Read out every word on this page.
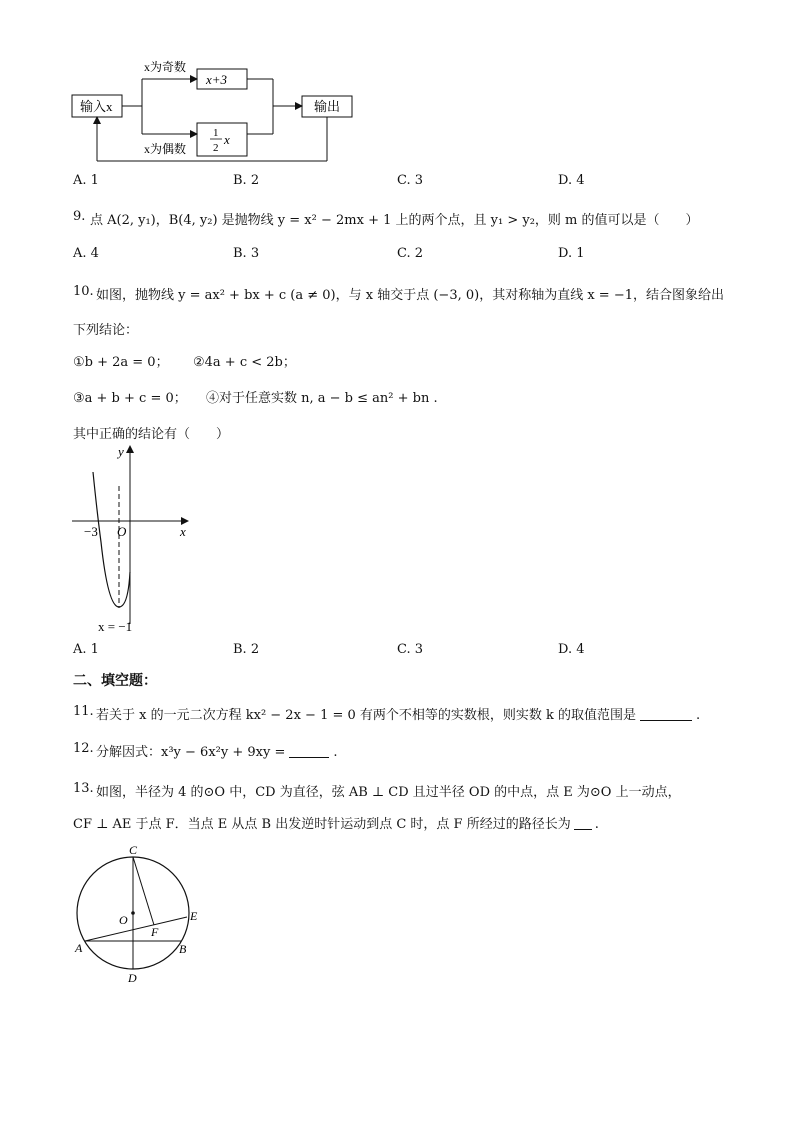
输入x
x为奇数
x为偶数
x+3
1
2
x
输出
A. 1	B. 2	C. 3	D. 4
9. 点 A(2, y₁)，B(4, y₂) 是抛物线 y = x² − 2mx + 1 上的两个点，且 y₁ > y₂，则 m 的值可以是（　　）
A. 4	B. 3	C. 2	D. 1
10. 如图，抛物线 y = ax² + bx + c (a ≠ 0)，与 x 轴交于点 (−3, 0)，其对称轴为直线 x = −1，结合图象给出
下列结论：
①b + 2a = 0； ②4a + c < 2b；
③a + b + c = 0； ④对于任意实数 n, a − b ≤ an² + bn .
其中正确的结论有（　　）
y
x
O
−3
x = −1
A. 1	B. 2	C. 3	D. 4
二、填空题：
11. 若关于 x 的一元二次方程 kx² − 2x − 1 = 0 有两个不相等的实数根，则实数 k 的取值范围是	.
12. 分解因式：x³y − 6x²y + 9xy =	.
13. 如图，半径为 4 的⊙O 中，CD 为直径，弦 AB ⊥ CD 且过半径 OD 的中点，点 E 为⊙O 上一动点，
CF ⊥ AE 于点 F．当点 E 从点 B 出发逆时针运动到点 C 时，点 F 所经过的路径长为 .
C
O	E
F
A	B
D
